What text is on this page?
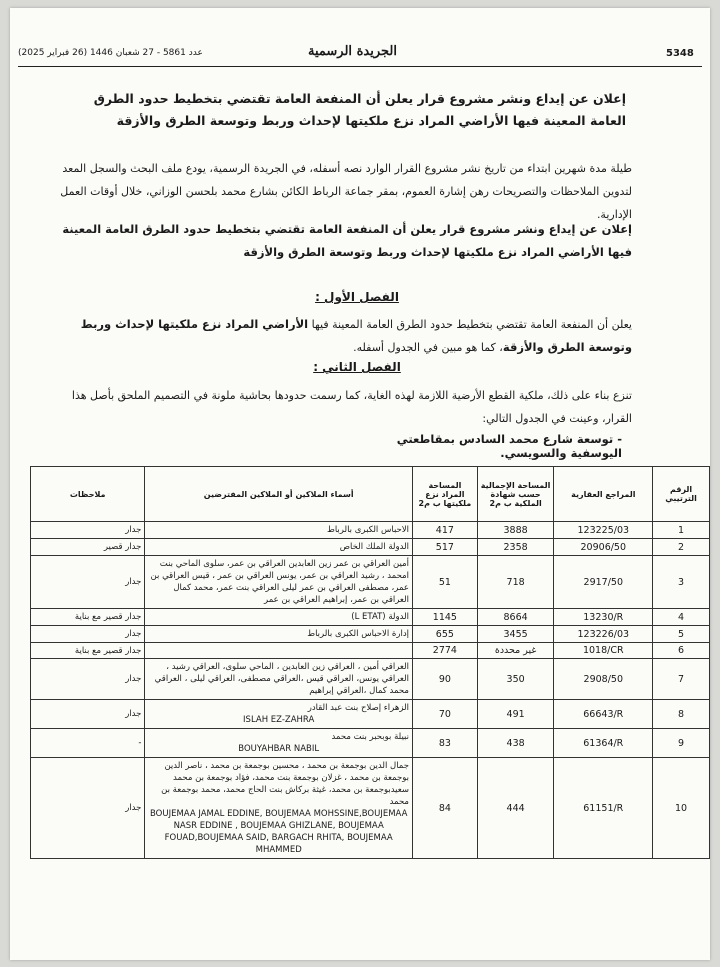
5348
الجريدة الرسمية
عدد 5861 - 27 شعبان 1446 (26 فبراير 2025)
إعلان عن إيداع ونشر مشروع قرار يعلن أن المنفعة العامة تقتضي بتخطيط حدود الطرق العامة المعينة فيها الأراضي المراد نزع ملكيتها لإحداث وربط وتوسعة الطرق والأزقة
طيلة مدة شهرين ابتداء من تاريخ نشر مشروع القرار الوارد نصه أسفله، في الجريدة الرسمية، يودع ملف البحث والسجل المعد لتدوين الملاحظات والتصريحات رهن إشارة العموم، بمقر جماعة الرباط الكائن بشارع محمد بلحسن الوزاني، خلال أوقات العمل الإدارية.
إعلان عن إيداع ونشر مشروع قرار يعلن أن المنفعة العامة تقتضي بتخطيط حدود الطرق العامة المعينة فيها الأراضي المراد نزع ملكيتها لإحداث وربط وتوسعة الطرق والأزقة
الفصل الأول :
يعلن أن المنفعة العامة تقتضي بتخطيط حدود الطرق العامة المعينة فيها الأراضي المراد نزع ملكيتها لإحداث وربط وتوسعة الطرق والأزقة، كما هو مبين في الجدول أسفله.
الفصل الثاني :
تنزع بناء على ذلك، ملكية القطع الأرضية اللازمة لهذه الغاية، كما رسمت حدودها بحاشية ملونة في التصميم الملحق بأصل هذا القرار، وعينت في الجدول التالي:
- توسعة شارع محمد السادس بمقاطعتي اليوسفية والسويسي.
ملاحظات	أسماء الملاكين أو الملاكين المفترضين	المساحة المراد نزع ملكيتها ب م2	المساحة الإجمالية حسب شهادة الملكية ب م2	المراجع العقارية	الرقم الترتيبي
جدار	الاحباس الكبرى بالرباط	417	3888	123225/03	1
جدار قصير	الدولة الملك الخاص	517	2358	20906/50	2
جدار	أمين العراقي بن عمر زين العابدين العراقي بن عمر، سلوى الماحي بنت امحمد ، رشيد العراقي بن عمر، يونس العراقي بن عمر ، قيس العراقي بن عمر، مصطفى العراقي بن عمر ليلى العراقي بنت عمر، محمد كمال العراقي بن عمر، إبراهيم العراقي بن عمر	51	718	2917/50	3
جدار قصير مع بناية	الدولة (L ETAT)	1145	8664	13230/R	4
جدار	إدارة الاحباس الكبرى بالرباط	655	3455	123226/03	5
جدار قصير مع بناية		2774	غير محددة	1018/CR	6
جدار	العراقي أمين ، العراقي زين العابدين ، الماحي سلوى، العراقي رشيد ، العراقي يونس، العراقي قيس ،العراقي مصطفى، العراقي ليلى ، العراقي محمد كمال ،العراقي إبراهيم	90	350	2908/50	7
جدار	الزهراء إصلاح بنت عبد القادر
ISLAH EZ-ZAHRA	70	491	66643/R	8
-	نبيلة بوبحبر بنت محمد
BOUYAHBAR NABIL	83	438	61364/R	9
جدار	جمال الدين بوجمعة بن محمد ، محسين بوجمعة بن محمد ، ناصر الدين بوجمعة بن محمد ، غزلان بوجمعة بنت محمد، فؤاد بوجمعة بن محمد سعيدبوجمعة بن محمد، غيثة بركاش بنت الحاج محمد، محمد بوجمعة بن محمد
BOUJEMAA JAMAL EDDINE, BOUJEMAA MOHSSINE,BOUJEMAA NASR EDDINE , BOUJEMAA GHIZLANE, BOUJEMAA FOUAD,BOUJEMAA SAID, BARGACH RHITA, BOUJEMAA MHAMMED	84	444	61151/R	10
